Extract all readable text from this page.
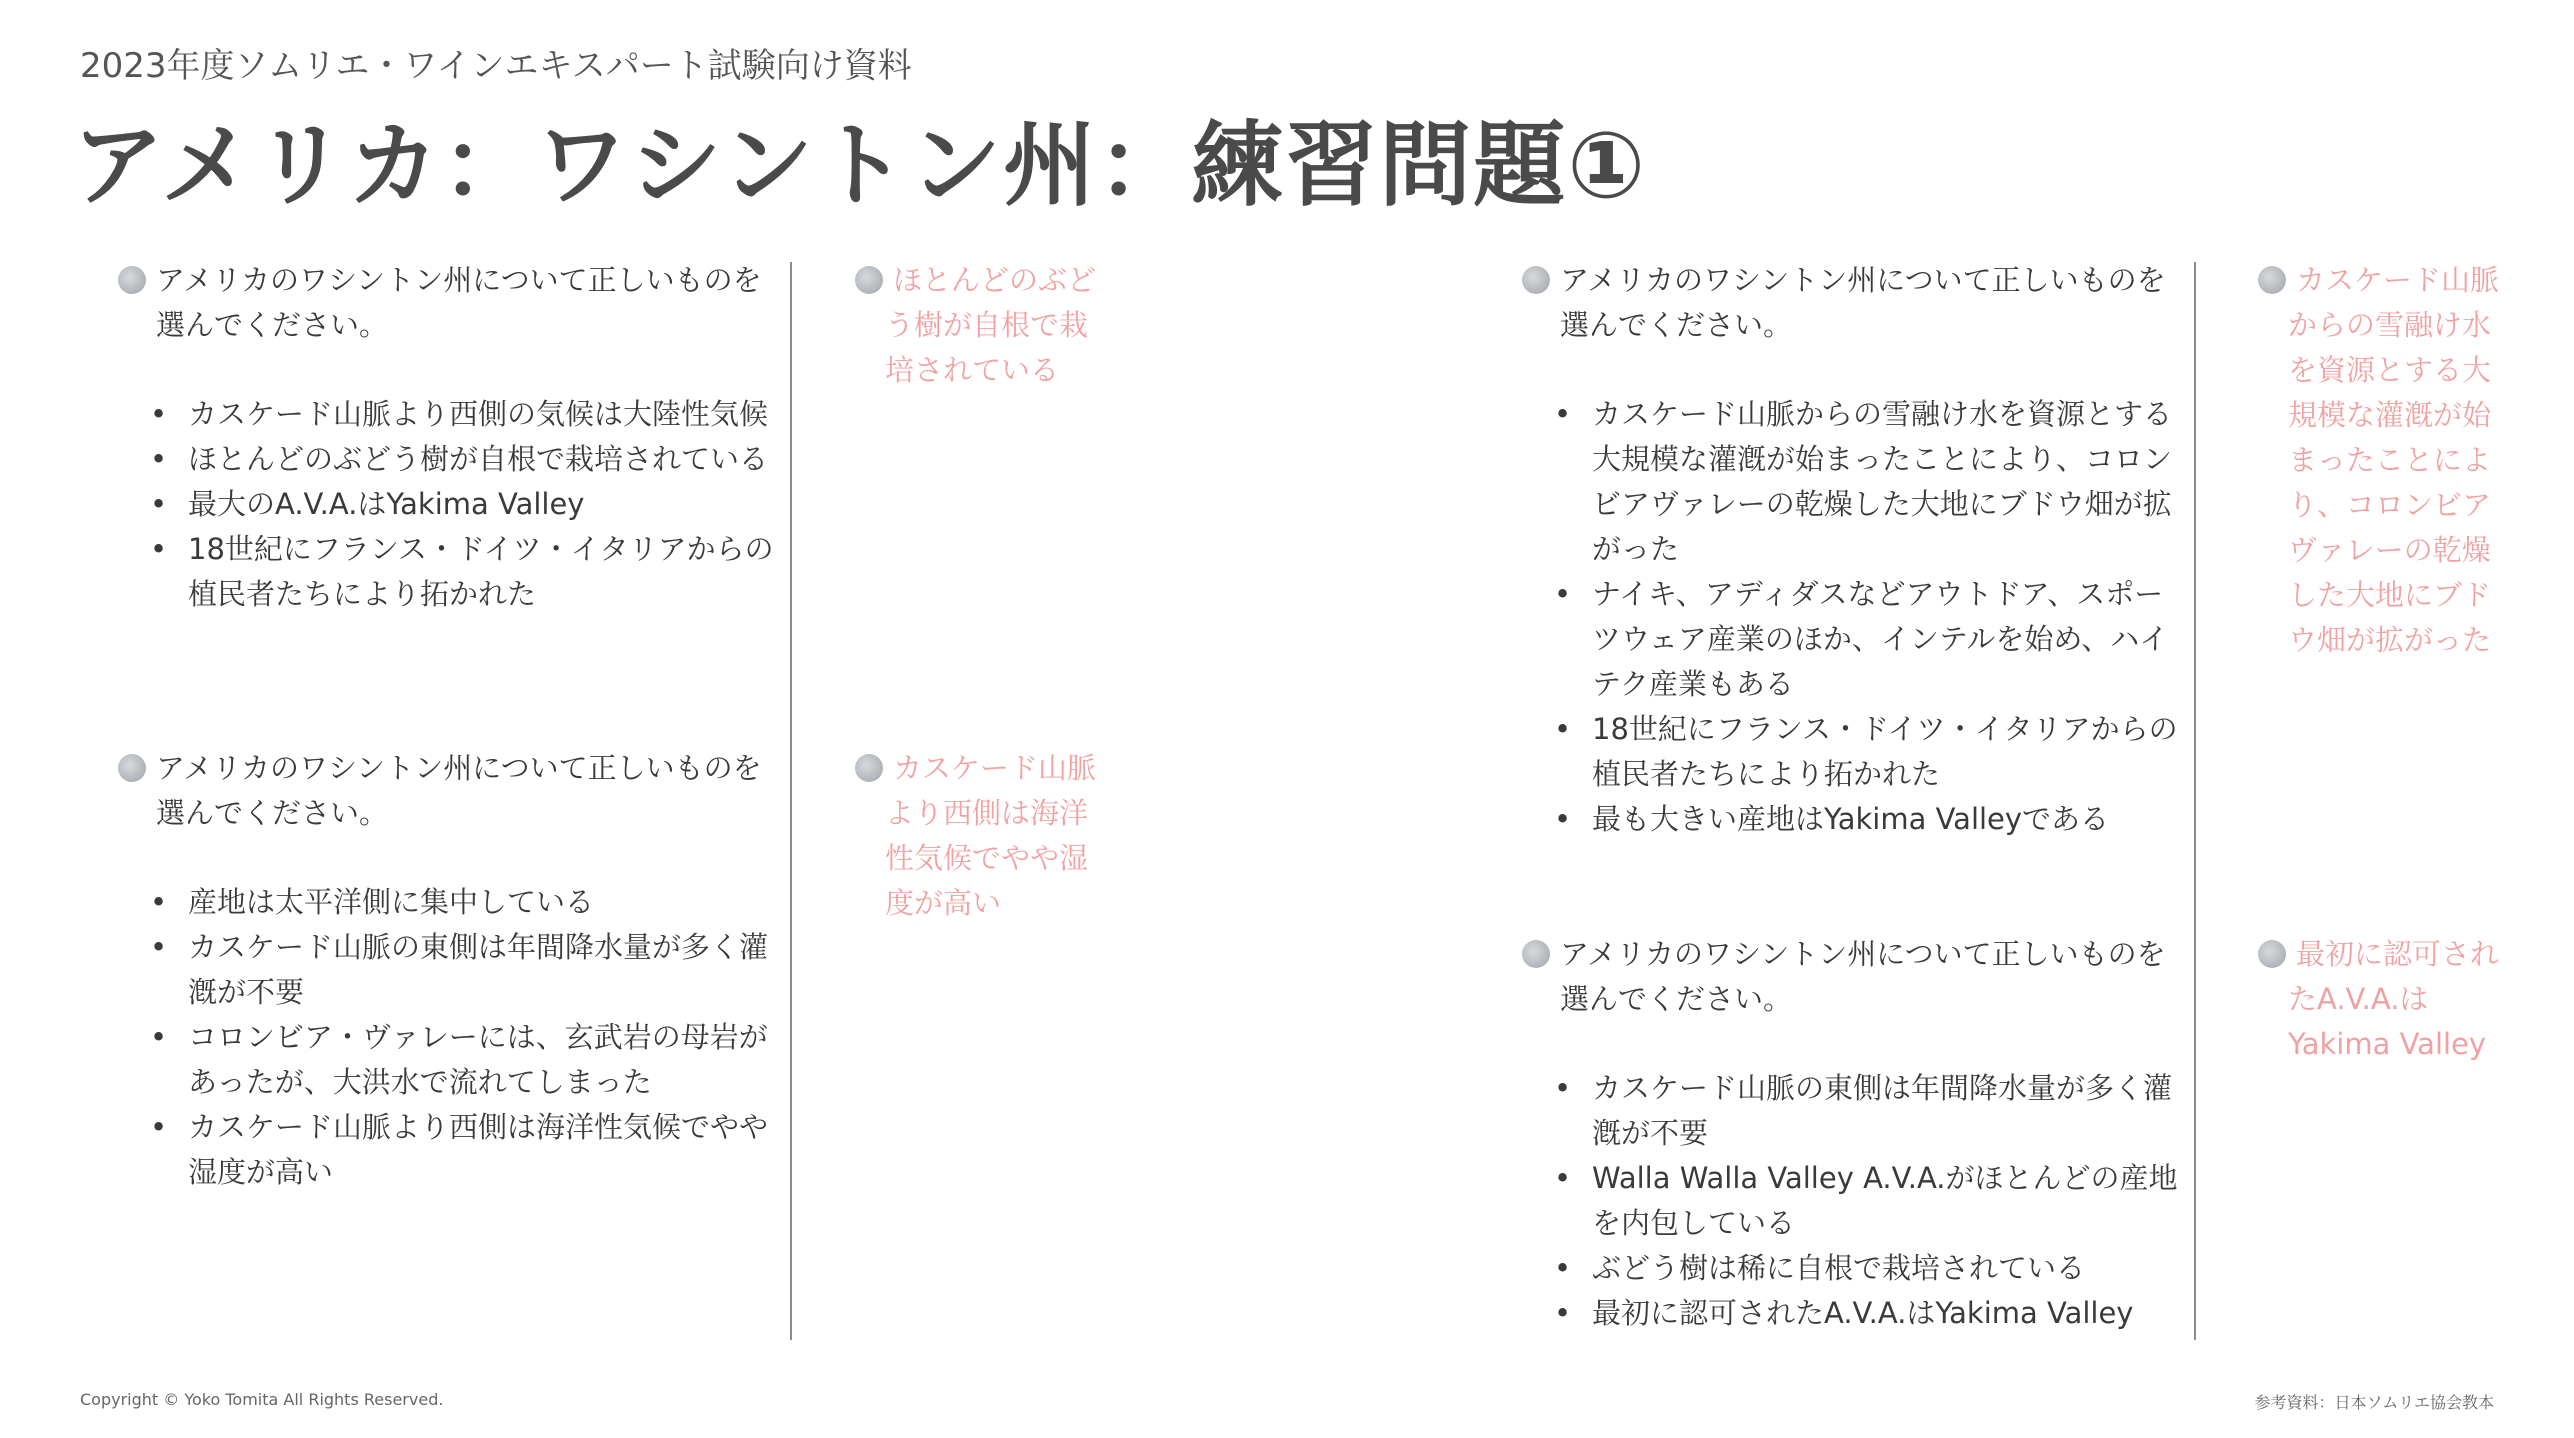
2023年度ソムリエ・ワインエキスパート試験向け資料
アメリカ：ワシントン州：練習問題①
アメリカのワシントン州について正しいものを選んでください。
• カスケード山脈より西側の気候は大陸性気候
• ほとんどのぶどう樹が自根で栽培されている
• 最大のA.V.A.はYakima Valley
• 18世紀にフランス・ドイツ・イタリアからの植民者たちにより拓かれた
ほとんどのぶどう樹が自根で栽培されている
アメリカのワシントン州について正しいものを選んでください。
• 産地は太平洋側に集中している
• カスケード山脈の東側は年間降水量が多く灌漑が不要
• コロンビア・ヴァレーには、玄武岩の母岩があったが、大洪水で流れてしまった
• カスケード山脈より西側は海洋性気候でやや湿度が高い
カスケード山脈より西側は海洋性気候でやや湿度が高い
アメリカのワシントン州について正しいものを選んでください。
• カスケード山脈からの雪融け水を資源とする大規模な灌漑が始まったことにより、コロンビアヴァレーの乾燥した大地にブドウ畑が拡がった
• ナイキ、アディダスなどアウトドア、スポーツウェア産業のほか、インテルを始め、ハイテク産業もある
• 18世紀にフランス・ドイツ・イタリアからの植民者たちにより拓かれた
• 最も大きい産地はYakima Valleyである
カスケード山脈からの雪融け水を資源とする大規模な灌漑が始まったことにより、コロンビアヴァレーの乾燥した大地にブドウ畑が拡がった
アメリカのワシントン州について正しいものを選んでください。
• カスケード山脈の東側は年間降水量が多く灌漑が不要
• Walla Walla Valley A.V.A.がほとんどの産地を内包している
• ぶどう樹は稀に自根で栽培されている
• 最初に認可されたA.V.A.はYakima Valley
最初に認可されたA.V.A.はYakima Valley
Copyright © Yoko Tomita All Rights Reserved.	参考資料：日本ソムリエ協会教本
